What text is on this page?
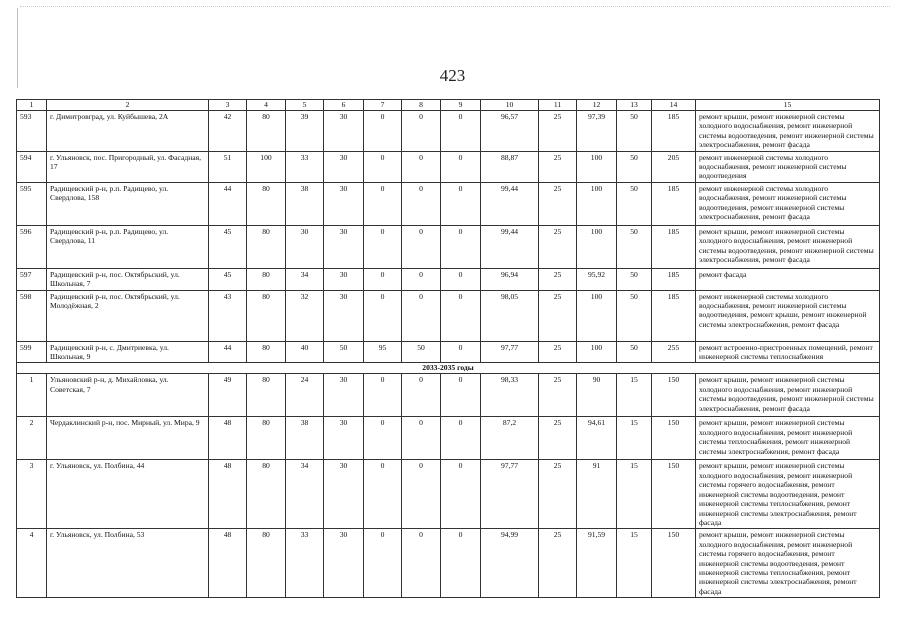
423
1	2	3	4	5	6	7	8	9	10	11	12	13	14	15
593	г. Димитровград, ул. Куйбышева, 2А	42	80	39	30	0	0	0	96,57	25	97,39	50	185	ремонт крыши, ремонт инженерной системы холодного водоснабжения, ремонт инженерной системы водоотведения, ремонт инженерной системы электроснабжения, ремонт фасада
594	г. Ульяновск, пос. Пригородный, ул. Фасадная, 17	51	100	33	30	0	0	0	88,87	25	100	50	205	ремонт инженерной системы холодного водоснабжения, ремонт инженерной системы водоотведения
595	Радищевский р-н, р.п. Радищево, ул. Свердлова, 158	44	80	38	30	0	0	0	99,44	25	100	50	185	ремонт инженерной системы холодного водоснабжения, ремонт инженерной системы водоотведения, ремонт инженерной системы электроснабжения, ремонт фасада
596	Радищевский р-н, р.п. Радищево, ул. Свердлова, 11	45	80	30	30	0	0	0	99,44	25	100	50	185	ремонт крыши, ремонт инженерной системы холодного водоснабжения, ремонт инженерной системы водоотведения, ремонт инженерной системы электроснабжения, ремонт фасада
597	Радищевский р-н, пос. Октябрьский, ул. Школьная, 7	45	80	34	30	0	0	0	96,94	25	95,92	50	185	ремонт фасада
598	Радищевский р-н, пос. Октябрьский, ул. Молодёжная, 2	43	80	32	30	0	0	0	98,05	25	100	50	185	ремонт инженерной системы холодного водоснабжения, ремонт инженерной системы водоотведения, ремонт крыши, ремонт инженерной системы электроснабжения, ремонт фасада
599	Радищевский р-н, с. Дмитриевка, ул. Школьная, 9	44	80	40	50	95	50	0	97,77	25	100	50	255	ремонт встроенно-пристроенных помещений, ремонт инженерной системы теплоснабжения
2033-2035 годы														
1	Ульяновский р-н, д. Михайловка, ул. Советская, 7	49	80	24	30	0	0	0	98,33	25	90	15	150	ремонт крыши, ремонт инженерной системы холодного водоснабжения, ремонт инженерной системы водоотведения, ремонт инженерной системы электроснабжения, ремонт фасада
2	Чердаклинский р-н, пос. Мирный, ул. Мира, 9	48	80	38	30	0	0	0	87,2	25	94,61	15	150	ремонт крыши, ремонт инженерной системы холодного водоснабжения, ремонт инженерной системы теплоснабжения, ремонт инженерной системы электроснабжения, ремонт фасада
3	г. Ульяновск, ул. Полбина, 44	48	80	34	30	0	0	0	97,77	25	91	15	150	ремонт крыши, ремонт инженерной системы холодного водоснабжения, ремонт инженерной системы горячего водоснабжения, ремонт инженерной системы водоотведения, ремонт инженерной системы теплоснабжения, ремонт инженерной системы электроснабжения, ремонт фасада
4	г. Ульяновск, ул. Полбина, 53	48	80	33	30	0	0	0	94,99	25	91,59	15	150	ремонт крыши, ремонт инженерной системы холодного водоснабжения, ремонт инженерной системы горячего водоснабжения, ремонт инженерной системы водоотведения, ремонт инженерной системы теплоснабжения, ремонт инженерной системы электроснабжения, ремонт фасада
